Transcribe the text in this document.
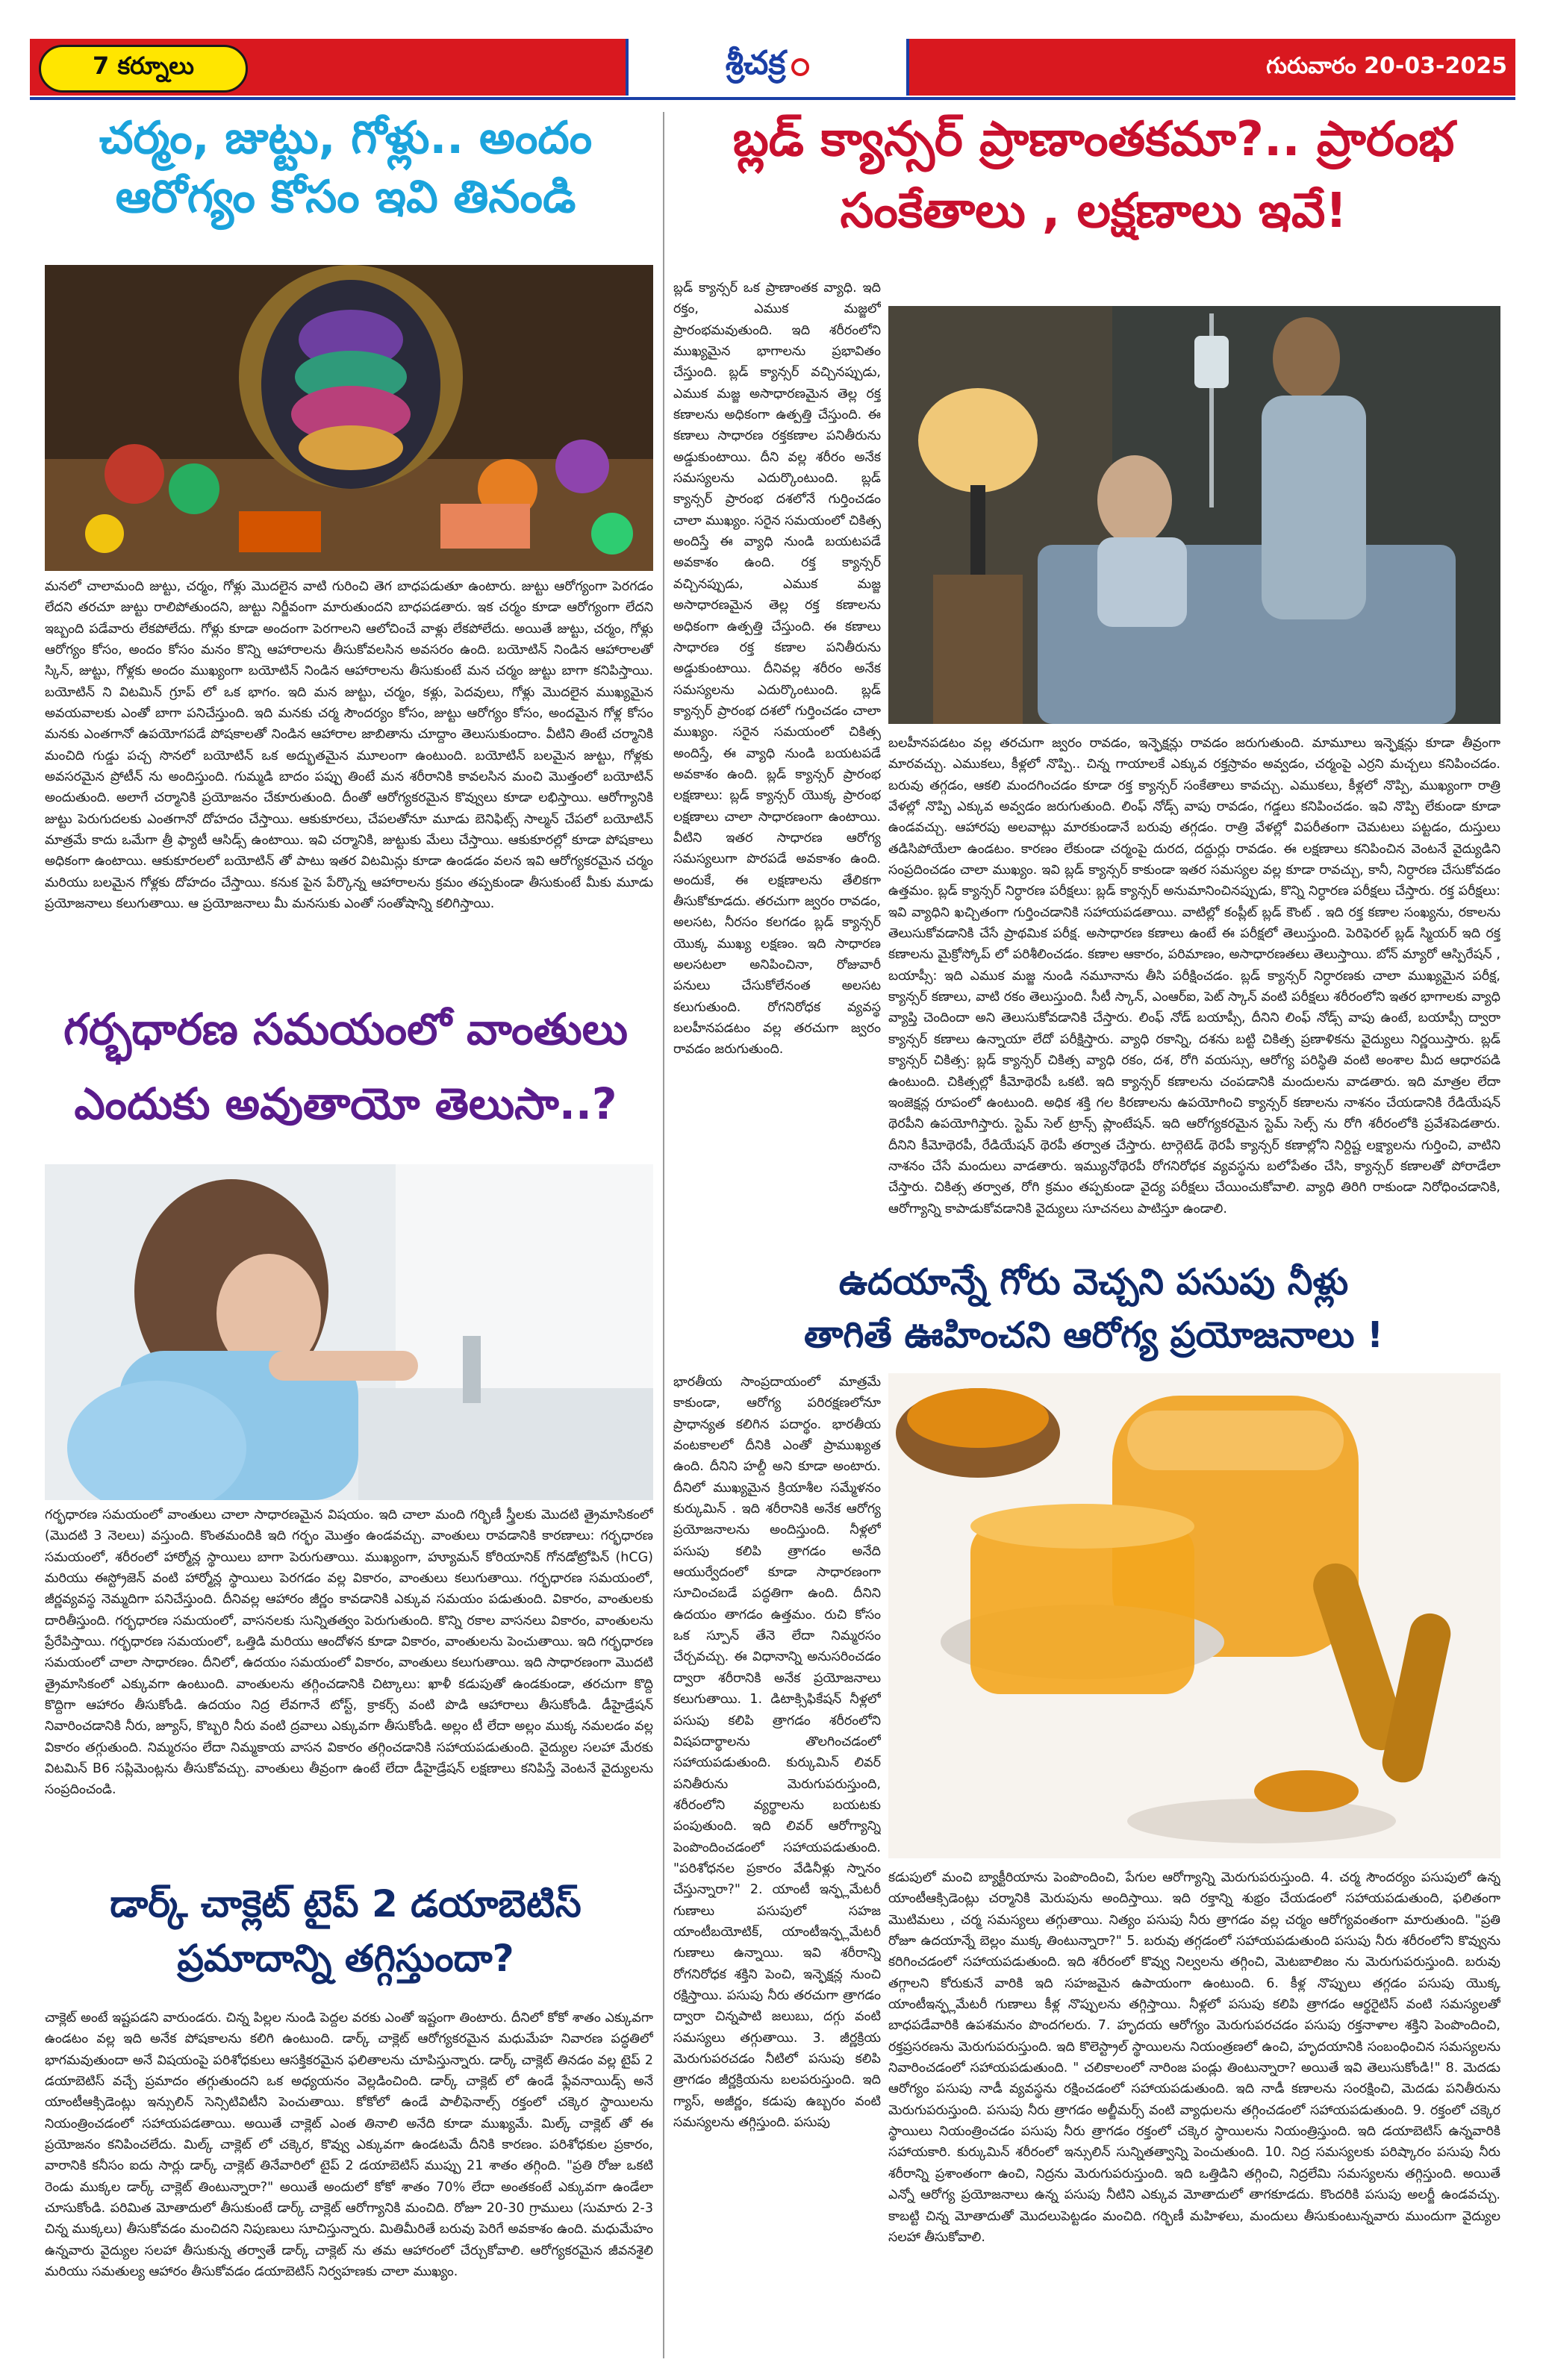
7 కర్నూలు	శ్రీచక్ర	గురువారం 20-03-2025
చర్మం, జుట్టు, గోళ్లు.. అందం
ఆరోగ్యం కోసం ఇవి తినండి
మనలో చాలామంది జుట్టు, చర్మం, గోళ్లు మొదలైన వాటి గురించి తెగ బాధపడుతూ ఉంటారు. జుట్టు ఆరోగ్యంగా పెరగడం లేదని తరచూ జుట్టు రాలిపోతుందని, జుట్టు నిర్జీవంగా మారుతుందని బాధపడతారు. ఇక చర్మం కూడా ఆరోగ్యంగా లేదని ఇబ్బంది పడేవారు లేకపోలేదు. గోళ్లు కూడా అందంగా పెరగాలని ఆలోచించే వాళ్లు లేకపోలేదు. అయితే జుట్టు, చర్మం, గోళ్లు ఆరోగ్యం కోసం, అందం కోసం మనం కొన్ని ఆహారాలను తీసుకోవలసిన అవసరం ఉంది. బయోటిన్ నిండిన ఆహారాలతో స్కిన్, జుట్టు, గోళ్లకు అందం ముఖ్యంగా బయోటిన్ నిండిన ఆహారాలను తీసుకుంటే మన చర్మం జుట్టు బాగా కనిపిస్తాయి. బయోటిన్ ని విటమిన్ గ్రూప్ లో ఒక భాగం. ఇది మన జుట్టు, చర్మం, కళ్లు, పెదవులు, గోళ్లు మొదలైన ముఖ్యమైన అవయవాలకు ఎంతో బాగా పనిచేస్తుంది. ఇది మనకు చర్మ సౌందర్యం కోసం, జుట్టు ఆరోగ్యం కోసం, అందమైన గోళ్ల కోసం మనకు ఎంతగానో ఉపయోగపడే పోషకాలతో నిండిన ఆహారాల జాబితాను చూద్దాం తెలుసుకుందాం. వీటిని తింటే చర్మానికి మంచిది గుడ్డు పచ్చ సొనలో బయోటిన్ ఒక అద్భుతమైన మూలంగా ఉంటుంది. బయోటిన్ బలమైన జుట్టు, గోళ్లకు అవసరమైన ప్రోటీన్ ను అందిస్తుంది. గుమ్మడి బాదం పప్పు తింటే మన శరీరానికి కావలసిన మంచి మొత్తంలో బయోటిన్ అందుతుంది. అలాగే చర్మానికి ప్రయోజనం చేకూరుతుంది. దీంతో ఆరోగ్యకరమైన కొవ్వులు కూడా లభిస్తాయి. ఆరోగ్యానికి జుట్టు పెరుగుదలకు ఎంతగానో దోహదం చేస్తాయి. ఆకుకూరలు, చేపలతోనూ మూడు బెనిఫిట్స్ సాల్మన్ చేపలో బయోటిన్ మాత్రమే కాదు ఒమేగా త్రీ ఫ్యాటీ ఆసిడ్స్ ఉంటాయి. ఇవి చర్మానికి, జుట్టుకు మేలు చేస్తాయి. ఆకుకూరల్లో కూడా పోషకాలు అధికంగా ఉంటాయి. ఆకుకూరలలో బయోటిన్ తో పాటు ఇతర విటమిన్లు కూడా ఉండడం వలన ఇవి ఆరోగ్యకరమైన చర్మం మరియు బలమైన గోళ్లకు దోహదం చేస్తాయి. కనుక పైన పేర్కొన్న ఆహారాలను క్రమం తప్పకుండా తీసుకుంటే మీకు మూడు ప్రయోజనాలు కలుగుతాయి. ఆ ప్రయోజనాలు మీ మనసుకు ఎంతో సంతోషాన్ని కలిగిస్తాయి.
గర్భధారణ సమయంలో వాంతులు
ఎందుకు అవుతాయో తెలుసా..?
గర్భధారణ సమయంలో వాంతులు చాలా సాధారణమైన విషయం. ఇది చాలా మంది గర్భిణీ స్త్రీలకు మొదటి త్రైమాసికంలో (మొదటి 3 నెలలు) వస్తుంది. కొంతమందికి ఇది గర్భం మొత్తం ఉండవచ్చు. వాంతులు రావడానికి కారణాలు: గర్భధారణ సమయంలో, శరీరంలో హార్మోన్ల స్థాయిలు బాగా పెరుగుతాయి. ముఖ్యంగా, హ్యూమన్ కోరియానిక్ గోనడోట్రోపిన్ (hCG) మరియు ఈస్ట్రోజెన్ వంటి హార్మోన్ల స్థాయిలు పెరగడం వల్ల వికారం, వాంతులు కలుగుతాయి. గర్భధారణ సమయంలో, జీర్ణవ్యవస్థ నెమ్మదిగా పనిచేస్తుంది. దీనివల్ల ఆహారం జీర్ణం కావడానికి ఎక్కువ సమయం పడుతుంది. వికారం, వాంతులకు దారితీస్తుంది. గర్భధారణ సమయంలో, వాసనలకు సున్నితత్వం పెరుగుతుంది. కొన్ని రకాల వాసనలు వికారం, వాంతులను ప్రేరేపిస్తాయి. గర్భధారణ సమయంలో, ఒత్తిడి మరియు ఆందోళన కూడా వికారం, వాంతులను పెంచుతాయి. ఇది గర్భధారణ సమయంలో చాలా సాధారణం. దీనిలో, ఉదయం సమయంలో వికారం, వాంతులు కలుగుతాయి. ఇది సాధారణంగా మొదటి త్రైమాసికంలో ఎక్కువగా ఉంటుంది. వాంతులను తగ్గించడానికి చిట్కాలు: ఖాళీ కడుపుతో ఉండకుండా, తరచుగా కొద్ది కొద్దిగా ఆహారం తీసుకోండి. ఉదయం నిద్ర లేవగానే టోస్ట్, క్రాకర్స్ వంటి పొడి ఆహారాలు తీసుకోండి. డీహైడ్రేషన్ నివారించడానికి నీరు, జ్యూస్, కొబ్బరి నీరు వంటి ద్రవాలు ఎక్కువగా తీసుకోండి. అల్లం టీ లేదా అల్లం ముక్క నమలడం వల్ల వికారం తగ్గుతుంది. నిమ్మరసం లేదా నిమ్మకాయ వాసన వికారం తగ్గించడానికి సహాయపడుతుంది. వైద్యుల సలహా మేరకు విటమిన్ B6 సప్లిమెంట్లను తీసుకోవచ్చు. వాంతులు తీవ్రంగా ఉంటే లేదా డీహైడ్రేషన్ లక్షణాలు కనిపిస్తే వెంటనే వైద్యులను సంప్రదించండి.
డార్క్ చాక్లెట్ టైప్ 2 డయాబెటిస్
ప్రమాదాన్ని తగ్గిస్తుందా?
చాక్లెట్ అంటే ఇష్టపడని వారుండరు. చిన్న పిల్లల నుండి పెద్దల వరకు ఎంతో ఇష్టంగా తింటారు. దీనిలో కోకో శాతం ఎక్కువగా ఉండటం వల్ల ఇది అనేక పోషకాలను కలిగి ఉంటుంది. డార్క్ చాక్లెట్ ఆరోగ్యకరమైన మధుమేహ నివారణ పద్ధతిలో భాగమవుతుందా అనే విషయంపై పరిశోధకులు ఆసక్తికరమైన ఫలితాలను చూపిస్తున్నారు. డార్క్ చాక్లెట్ తినడం వల్ల టైప్ 2 డయాబెటిస్ వచ్చే ప్రమాదం తగ్గుతుందని ఒక అధ్యయనం వెల్లడించింది. డార్క్ చాక్లెట్ లో ఉండే ఫ్లేవనాయిడ్స్ అనే యాంటీఆక్సిడెంట్లు ఇన్సులిన్ సెన్సిటివిటీని పెంచుతాయి. కోకోలో ఉండే పాలీఫెనాల్స్ రక్తంలో చక్కెర స్థాయిలను నియంత్రించడంలో సహాయపడతాయి. అయితే చాక్లెట్ ఎంత తినాలి అనేది కూడా ముఖ్యమే. మిల్క్ చాక్లెట్ తో ఈ ప్రయోజనం కనిపించలేదు. మిల్క్ చాక్లెట్ లో చక్కెర, కొవ్వు ఎక్కువగా ఉండటమే దీనికి కారణం. పరిశోధకుల ప్రకారం, వారానికి కనీసం ఐదు సార్లు డార్క్ చాక్లెట్ తినేవారిలో టైప్ 2 డయాబెటిస్ ముప్పు 21 శాతం తగ్గింది. "ప్రతి రోజు ఒకటి రెండు ముక్కల డార్క్ చాక్లెట్ తింటున్నారా?" అయితే అందులో కోకో శాతం 70% లేదా అంతకంటే ఎక్కువగా ఉండేలా చూసుకోండి. పరిమిత మోతాదులో తీసుకుంటే డార్క్ చాక్లెట్ ఆరోగ్యానికి మంచిది. రోజూ 20-30 గ్రాములు (సుమారు 2-3 చిన్న ముక్కలు) తీసుకోవడం మంచిదని నిపుణులు సూచిస్తున్నారు. మితిమీరితే బరువు పెరిగే అవకాశం ఉంది. మధుమేహం ఉన్నవారు వైద్యుల సలహా తీసుకున్న తర్వాతే డార్క్ చాక్లెట్ ను తమ ఆహారంలో చేర్చుకోవాలి. ఆరోగ్యకరమైన జీవనశైలి మరియు సమతుల్య ఆహారం తీసుకోవడం డయాబెటిస్ నిర్వహణకు చాలా ముఖ్యం.
బ్లడ్ క్యాన్సర్ ప్రాణాంతకమా?.. ప్రారంభ
సంకేతాలు , లక్షణాలు ఇవే!
బ్లడ్ క్యాన్సర్ ఒక ప్రాణాంతక వ్యాధి. ఇది రక్తం, ఎముక మజ్జలో ప్రారంభమవుతుంది. ఇది శరీరంలోని ముఖ్యమైన భాగాలను ప్రభావితం చేస్తుంది. బ్లడ్ క్యాన్సర్ వచ్చినప్పుడు, ఎముక మజ్జ అసాధారణమైన తెల్ల రక్త కణాలను అధికంగా ఉత్పత్తి చేస్తుంది. ఈ కణాలు సాధారణ రక్తకణాల పనితీరును అడ్డుకుంటాయి. దీని వల్ల శరీరం అనేక సమస్యలను ఎదుర్కొంటుంది. బ్లడ్ క్యాన్సర్ ప్రారంభ దశలోనే గుర్తించడం చాలా ముఖ్యం. సరైన సమయంలో చికిత్స అందిస్తే ఈ వ్యాధి నుండి బయటపడే అవకాశం ఉంది. రక్త క్యాన్సర్ వచ్చినప్పుడు, ఎముక మజ్జ అసాధారణమైన తెల్ల రక్త కణాలను అధికంగా ఉత్పత్తి చేస్తుంది. ఈ కణాలు సాధారణ రక్త కణాల పనితీరును అడ్డుకుంటాయి. దీనివల్ల శరీరం అనేక సమస్యలను ఎదుర్కొంటుంది. బ్లడ్ క్యాన్సర్ ప్రారంభ దశలో గుర్తించడం చాలా ముఖ్యం. సరైన సమయంలో చికిత్స అందిస్తే, ఈ వ్యాధి నుండి బయటపడే అవకాశం ఉంది. బ్లడ్ క్యాన్సర్ ప్రారంభ లక్షణాలు: బ్లడ్ క్యాన్సర్ యొక్క ప్రారంభ లక్షణాలు చాలా సాధారణంగా ఉంటాయి. వీటిని ఇతర సాధారణ ఆరోగ్య సమస్యలుగా పొరపడే అవకాశం ఉంది. అందుకే, ఈ లక్షణాలను తేలికగా తీసుకోకూడదు. తరచుగా జ్వరం రావడం, అలసట, నీరసం కలగడం బ్లడ్ క్యాన్సర్ యొక్క ముఖ్య లక్షణం. ఇది సాధారణ అలసటలా అనిపించినా, రోజువారీ పనులు చేసుకోలేనంత అలసట కలుగుతుంది. రోగనిరోధక వ్యవస్థ బలహీనపడటం వల్ల తరచుగా జ్వరం రావడం జరుగుతుంది.
బలహీనపడటం వల్ల తరచుగా జ్వరం రావడం, ఇన్ఫెక్షన్లు రావడం జరుగుతుంది. మామూలు ఇన్ఫెక్షన్లు కూడా తీవ్రంగా మారవచ్చు. ఎముకలు, కీళ్లలో నొప్పి.. చిన్న గాయాలకే ఎక్కువ రక్తస్రావం అవ్వడం, చర్మంపై ఎర్రని మచ్చలు కనిపించడం. బరువు తగ్గడం, ఆకలి మందగించడం కూడా రక్త క్యాన్సర్ సంకేతాలు కావచ్చు. ఎముకలు, కీళ్లలో నొప్పి, ముఖ్యంగా రాత్రి వేళల్లో నొప్పి ఎక్కువ అవ్వడం జరుగుతుంది. లింఫ్ నోడ్స్ వాపు రావడం, గడ్డలు కనిపించడం. ఇవి నొప్పి లేకుండా కూడా ఉండవచ్చు. ఆహారపు అలవాట్లు మారకుండానే బరువు తగ్గడం. రాత్రి వేళల్లో విపరీతంగా చెమటలు పట్టడం, దుస్తులు తడిసిపోయేలా ఉండటం. కారణం లేకుండా చర్మంపై దురద, దద్దుర్లు రావడం. ఈ లక్షణాలు కనిపించిన వెంటనే వైద్యుడిని సంప్రదించడం చాలా ముఖ్యం. ఇవి బ్లడ్ క్యాన్సర్ కాకుండా ఇతర సమస్యల వల్ల కూడా రావచ్చు, కానీ, నిర్ధారణ చేసుకోవడం ఉత్తమం. బ్లడ్ క్యాన్సర్ నిర్ధారణ పరీక్షలు: బ్లడ్ క్యాన్సర్ అనుమానించినప్పుడు, కొన్ని నిర్ధారణ పరీక్షలు చేస్తారు. రక్త పరీక్షలు: ఇవి వ్యాధిని ఖచ్చితంగా గుర్తించడానికి సహాయపడతాయి. వాటిల్లో కంప్లీట్ బ్లడ్ కౌంట్ . ఇది రక్త కణాల సంఖ్యను, రకాలను తెలుసుకోవడానికి చేసే ప్రాథమిక పరీక్ష. అసాధారణ కణాలు ఉంటే ఈ పరీక్షలో తెలుస్తుంది. పెరిఫెరల్ బ్లడ్ స్మియర్ ఇది రక్త కణాలను మైక్రోస్కోప్ లో పరిశీలించడం. కణాల ఆకారం, పరిమాణం, అసాధారణతలు తెలుస్తాయి. బోన్ మ్యారో ఆస్పిరేషన్ , బయాప్సీ: ఇది ఎముక మజ్జ నుండి నమూనాను తీసి పరీక్షించడం. బ్లడ్ క్యాన్సర్ నిర్ధారణకు చాలా ముఖ్యమైన పరీక్ష, క్యాన్సర్ కణాలు, వాటి రకం తెలుస్తుంది. సీటీ స్కాన్, ఎంఆర్ఐ, పెట్ స్కాన్ వంటి పరీక్షలు శరీరంలోని ఇతర భాగాలకు వ్యాధి వ్యాప్తి చెందిందా అని తెలుసుకోవడానికి చేస్తారు. లింఫ్ నోడ్ బయాప్సీ, దీనిని లింఫ్ నోడ్స్ వాపు ఉంటే, బయాప్సీ ద్వారా క్యాన్సర్ కణాలు ఉన్నాయా లేదో పరీక్షిస్తారు. వ్యాధి రకాన్ని, దశను బట్టి చికిత్స ప్రణాళికను వైద్యులు నిర్ణయిస్తారు. బ్లడ్ క్యాన్సర్ చికిత్స: బ్లడ్ క్యాన్సర్ చికిత్స వ్యాధి రకం, దశ, రోగి వయస్సు, ఆరోగ్య పరిస్థితి వంటి అంశాల మీద ఆధారపడి ఉంటుంది. చికిత్సల్లో కీమోథెరపీ ఒకటి. ఇది క్యాన్సర్ కణాలను చంపడానికి మందులను వాడతారు. ఇది మాత్రల లేదా ఇంజెక్షన్ల రూపంలో ఉంటుంది. అధిక శక్తి గల కిరణాలను ఉపయోగించి క్యాన్సర్ కణాలను నాశనం చేయడానికి రేడియేషన్ థెరపీని ఉపయోగిస్తారు. స్టెమ్ సెల్ ట్రాన్స్ ప్లాంటేషన్. ఇది ఆరోగ్యకరమైన స్టెమ్ సెల్స్ ను రోగి శరీరంలోకి ప్రవేశపెడతారు. దీనిని కీమోథెరపీ, రేడియేషన్ థెరపీ తర్వాత చేస్తారు. టార్గెటెడ్ థెరపీ క్యాన్సర్ కణాల్లోని నిర్దిష్ట లక్ష్యాలను గుర్తించి, వాటిని నాశనం చేసే మందులు వాడతారు. ఇమ్యునోథెరపీ రోగనిరోధక వ్యవస్థను బలోపేతం చేసి, క్యాన్సర్ కణాలతో పోరాడేలా చేస్తారు. చికిత్స తర్వాత, రోగి క్రమం తప్పకుండా వైద్య పరీక్షలు చేయించుకోవాలి. వ్యాధి తిరిగి రాకుండా నిరోధించడానికి, ఆరోగ్యాన్ని కాపాడుకోవడానికి వైద్యులు సూచనలు పాటిస్తూ ఉండాలి.
ఉదయాన్నే గోరు వెచ్చని పసుపు నీళ్లు
తాగితే ఊహించని ఆరోగ్య ప్రయోజనాలు !
భారతీయ సాంప్రదాయంలో మాత్రమే కాకుండా, ఆరోగ్య పరిరక్షణలోనూ ప్రాధాన్యత కలిగిన పదార్థం. భారతీయ వంటకాలలో దీనికి ఎంతో ప్రాముఖ్యత ఉంది. దీనిని హల్దీ అని కూడా అంటారు. దీనిలో ముఖ్యమైన క్రియాశీల సమ్మేళనం కుర్కుమిన్ . ఇది శరీరానికి అనేక ఆరోగ్య ప్రయోజనాలను అందిస్తుంది. నీళ్లలో పసుపు కలిపి త్రాగడం అనేది ఆయుర్వేదంలో కూడా సాధారణంగా సూచించబడే పద్ధతిగా ఉంది. దీనిని ఉదయం తాగడం ఉత్తమం. రుచి కోసం ఒక స్పూన్ తేనె లేదా నిమ్మరసం చేర్చవచ్చు. ఈ విధానాన్ని అనుసరించడం ద్వారా శరీరానికి అనేక ప్రయోజనాలు కలుగుతాయి. 1. డిటాక్సిఫికేషన్ నీళ్లలో పసుపు కలిపి త్రాగడం శరీరంలోని విషపదార్థాలను తొలగించడంలో సహాయపడుతుంది. కుర్కుమిన్ లివర్ పనితీరును మెరుగుపరుస్తుంది, శరీరంలోని వ్యర్థాలను బయటకు పంపుతుంది. ఇది లివర్ ఆరోగ్యాన్ని పెంపొందించడంలో సహాయపడుతుంది. "పరిశోధనల ప్రకారం వేడినీళ్లు స్నానం చేస్తున్నారా?" 2. యాంటీ ఇన్ఫ్లమేటరీ గుణాలు పసుపులో సహజ యాంటీబయోటిక్, యాంటీఇన్ఫ్లమేటరీ గుణాలు ఉన్నాయి. ఇవి శరీరాన్ని రోగనిరోధక శక్తిని పెంచి, ఇన్ఫెక్షన్ల నుంచి రక్షిస్తాయి. పసుపు నీరు తరచుగా త్రాగడం ద్వారా చిన్నపాటి జలుబు, దగ్గు వంటి సమస్యలు తగ్గుతాయి. 3. జీర్ణక్రియ మెరుగుపరచడం నీటిలో పసుపు కలిపి త్రాగడం జీర్ణక్రియను బలపరుస్తుంది. ఇది గ్యాస్, అజీర్ణం, కడుపు ఉబ్బరం వంటి సమస్యలను తగ్గిస్తుంది. పసుపు
కడుపులో మంచి బ్యాక్టీరియాను పెంపొందించి, పేగుల ఆరోగ్యాన్ని మెరుగుపరుస్తుంది. 4. చర్మ సౌందర్యం పసుపులో ఉన్న యాంటీఆక్సిడెంట్లు చర్మానికి మెరుపును అందిస్తాయి. ఇది రక్తాన్ని శుభ్రం చేయడంలో సహాయపడుతుంది, ఫలితంగా మొటిమలు , చర్మ సమస్యలు తగ్గుతాయి. నిత్యం పసుపు నీరు త్రాగడం వల్ల చర్మం ఆరోగ్యవంతంగా మారుతుంది. "ప్రతి రోజూ ఉదయాన్నే బెల్లం ముక్క తింటున్నారా?" 5. బరువు తగ్గడంలో సహాయపడుతుంది పసుపు నీరు శరీరంలోని కొవ్వును కరిగించడంలో సహాయపడుతుంది. ఇది శరీరంలో కొవ్వు నిల్వలను తగ్గించి, మెటబాలిజం ను మెరుగుపరుస్తుంది. బరువు తగ్గాలని కోరుకునే వారికి ఇది సహజమైన ఉపాయంగా ఉంటుంది. 6. కీళ్ల నొప్పులు తగ్గడం పసుపు యొక్క యాంటీఇన్ఫ్లమేటరీ గుణాలు కీళ్ల నొప్పులను తగ్గిస్తాయి. నీళ్లలో పసుపు కలిపి త్రాగడం ఆర్థరైటిస్ వంటి సమస్యలతో బాధపడేవారికి ఉపశమనం పొందగలరు. 7. హృదయ ఆరోగ్యం మెరుగుపరచడం పసుపు రక్తనాళాల శక్తిని పెంపొందించి, రక్తప్రసరణను మెరుగుపరుస్తుంది. ఇది కొలెస్ట్రాల్ స్థాయిలను నియంత్రణలో ఉంచి, హృదయానికి సంబంధించిన సమస్యలను నివారించడంలో సహాయపడుతుంది. " చలికాలంలో నారింజ పండ్లు తింటున్నారా? అయితే ఇవి తెలుసుకోండి!" 8. మెదడు ఆరోగ్యం పసుపు నాడీ వ్యవస్థను రక్షించడంలో సహాయపడుతుంది. ఇది నాడీ కణాలను సంరక్షించి, మెదడు పనితీరును మెరుగుపరుస్తుంది. పసుపు నీరు త్రాగడం అల్జీమర్స్ వంటి వ్యాధులను తగ్గించడంలో సహాయపడుతుంది. 9. రక్తంలో చక్కెర స్థాయిలు నియంత్రించడం పసుపు నీరు త్రాగడం రక్తంలో చక్కెర స్థాయిలను నియంత్రిస్తుంది. ఇది డయాబెటిస్ ఉన్నవారికి సహాయకారి. కుర్కుమిన్ శరీరంలో ఇన్సులిన్ సున్నితత్వాన్ని పెంచుతుంది. 10. నిద్ర సమస్యలకు పరిష్కారం పసుపు నీరు శరీరాన్ని ప్రశాంతంగా ఉంచి, నిద్రను మెరుగుపరుస్తుంది. ఇది ఒత్తిడిని తగ్గించి, నిద్రలేమి సమస్యలను తగ్గిస్తుంది. అయితే ఎన్నో ఆరోగ్య ప్రయోజనాలు ఉన్న పసుపు నీటిని ఎక్కువ మోతాదులో తాగకూడదు. కొందరికి పసుపు అలర్జీ ఉండవచ్చు. కాబట్టి చిన్న మోతాదుతో మొదలుపెట్టడం మంచిది. గర్భిణీ మహిళలు, మందులు తీసుకుంటున్నవారు ముందుగా వైద్యుల సలహా తీసుకోవాలి.
